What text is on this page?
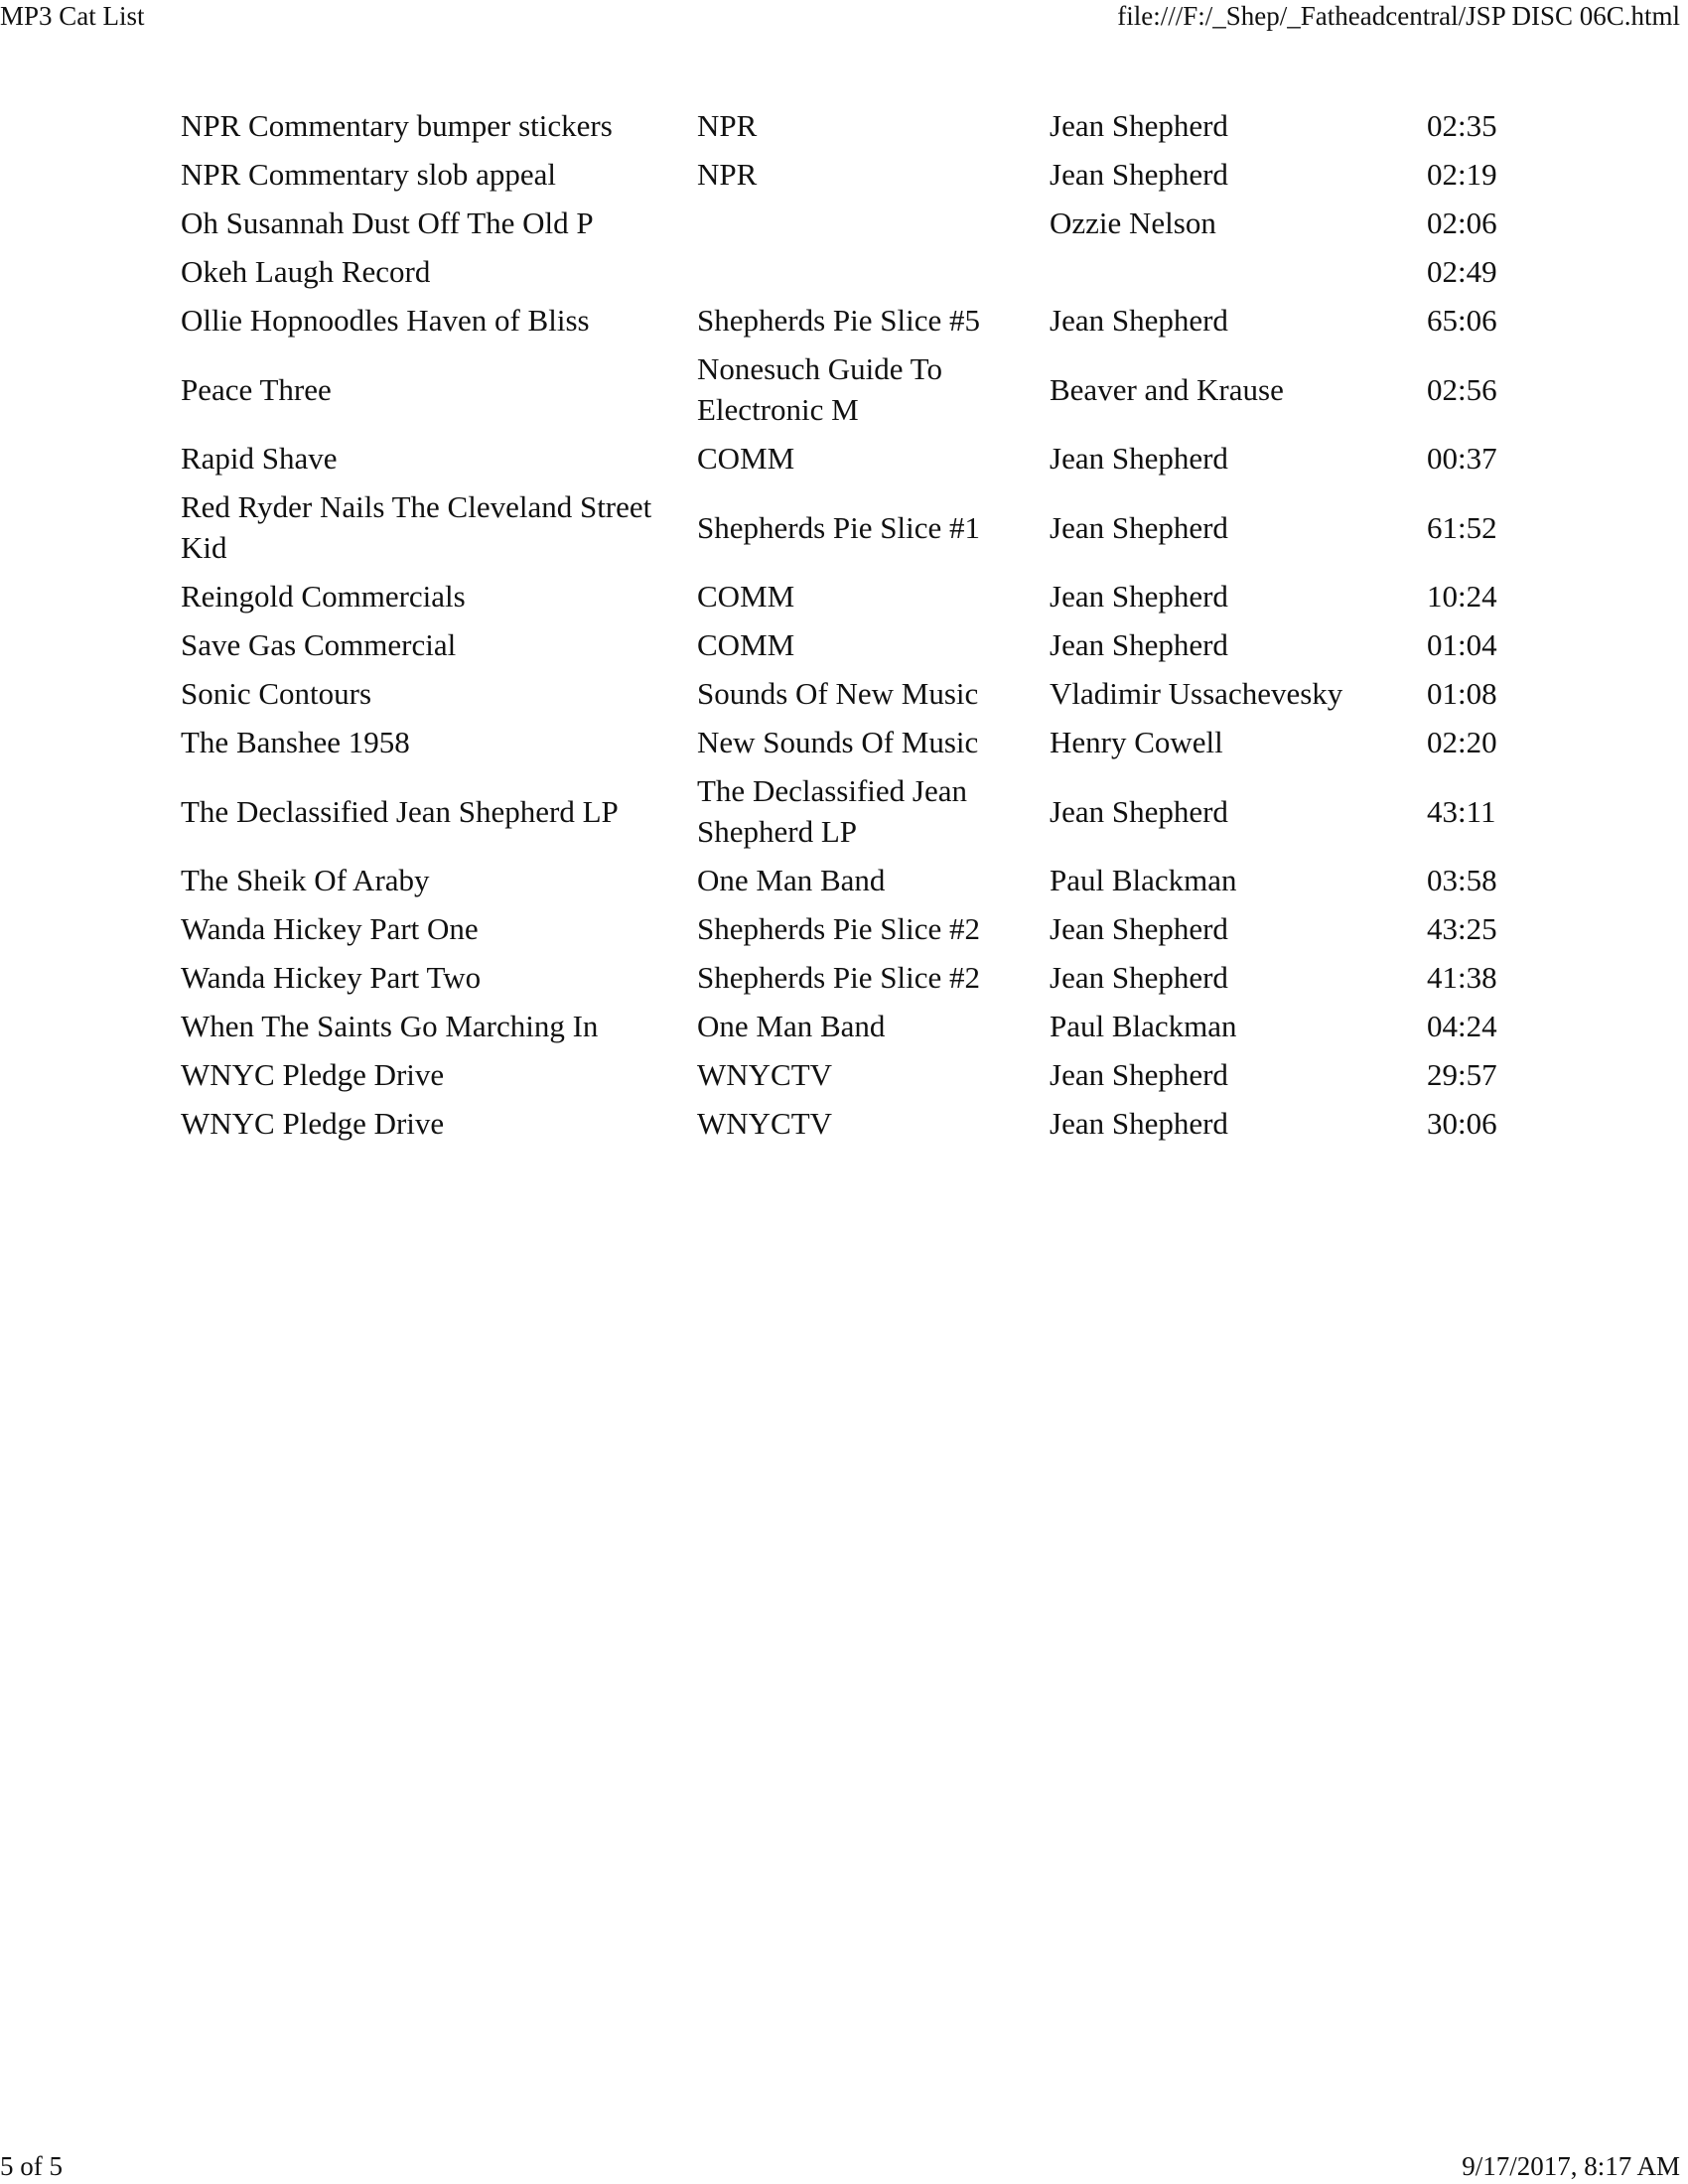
MP3 Cat List	file:///F:/_Shep/_Fatheadcentral/JSP DISC 06C.html
NPR Commentary bumper stickers	NPR	Jean Shepherd	02:35
NPR Commentary slob appeal	NPR	Jean Shepherd	02:19
Oh Susannah Dust Off The Old P		Ozzie Nelson	02:06
Okeh Laugh Record			02:49
Ollie Hopnoodles Haven of Bliss	Shepherds Pie Slice #5	Jean Shepherd	65:06
Peace Three	Nonesuch Guide To Electronic M	Beaver and Krause	02:56
Rapid Shave	COMM	Jean Shepherd	00:37
Red Ryder Nails The Cleveland Street Kid	Shepherds Pie Slice #1	Jean Shepherd	61:52
Reingold Commercials	COMM	Jean Shepherd	10:24
Save Gas Commercial	COMM	Jean Shepherd	01:04
Sonic Contours	Sounds Of New Music	Vladimir Ussachevesky	01:08
The Banshee 1958	New Sounds Of Music	Henry Cowell	02:20
The Declassified Jean Shepherd LP	The Declassified Jean Shepherd LP	Jean Shepherd	43:11
The Sheik Of Araby	One Man Band	Paul Blackman	03:58
Wanda Hickey Part One	Shepherds Pie Slice #2	Jean Shepherd	43:25
Wanda Hickey Part Two	Shepherds Pie Slice #2	Jean Shepherd	41:38
When The Saints Go Marching In	One Man Band	Paul Blackman	04:24
WNYC Pledge Drive	WNYCTV	Jean Shepherd	29:57
WNYC Pledge Drive	WNYCTV	Jean Shepherd	30:06
5 of 5	9/17/2017, 8:17 AM
